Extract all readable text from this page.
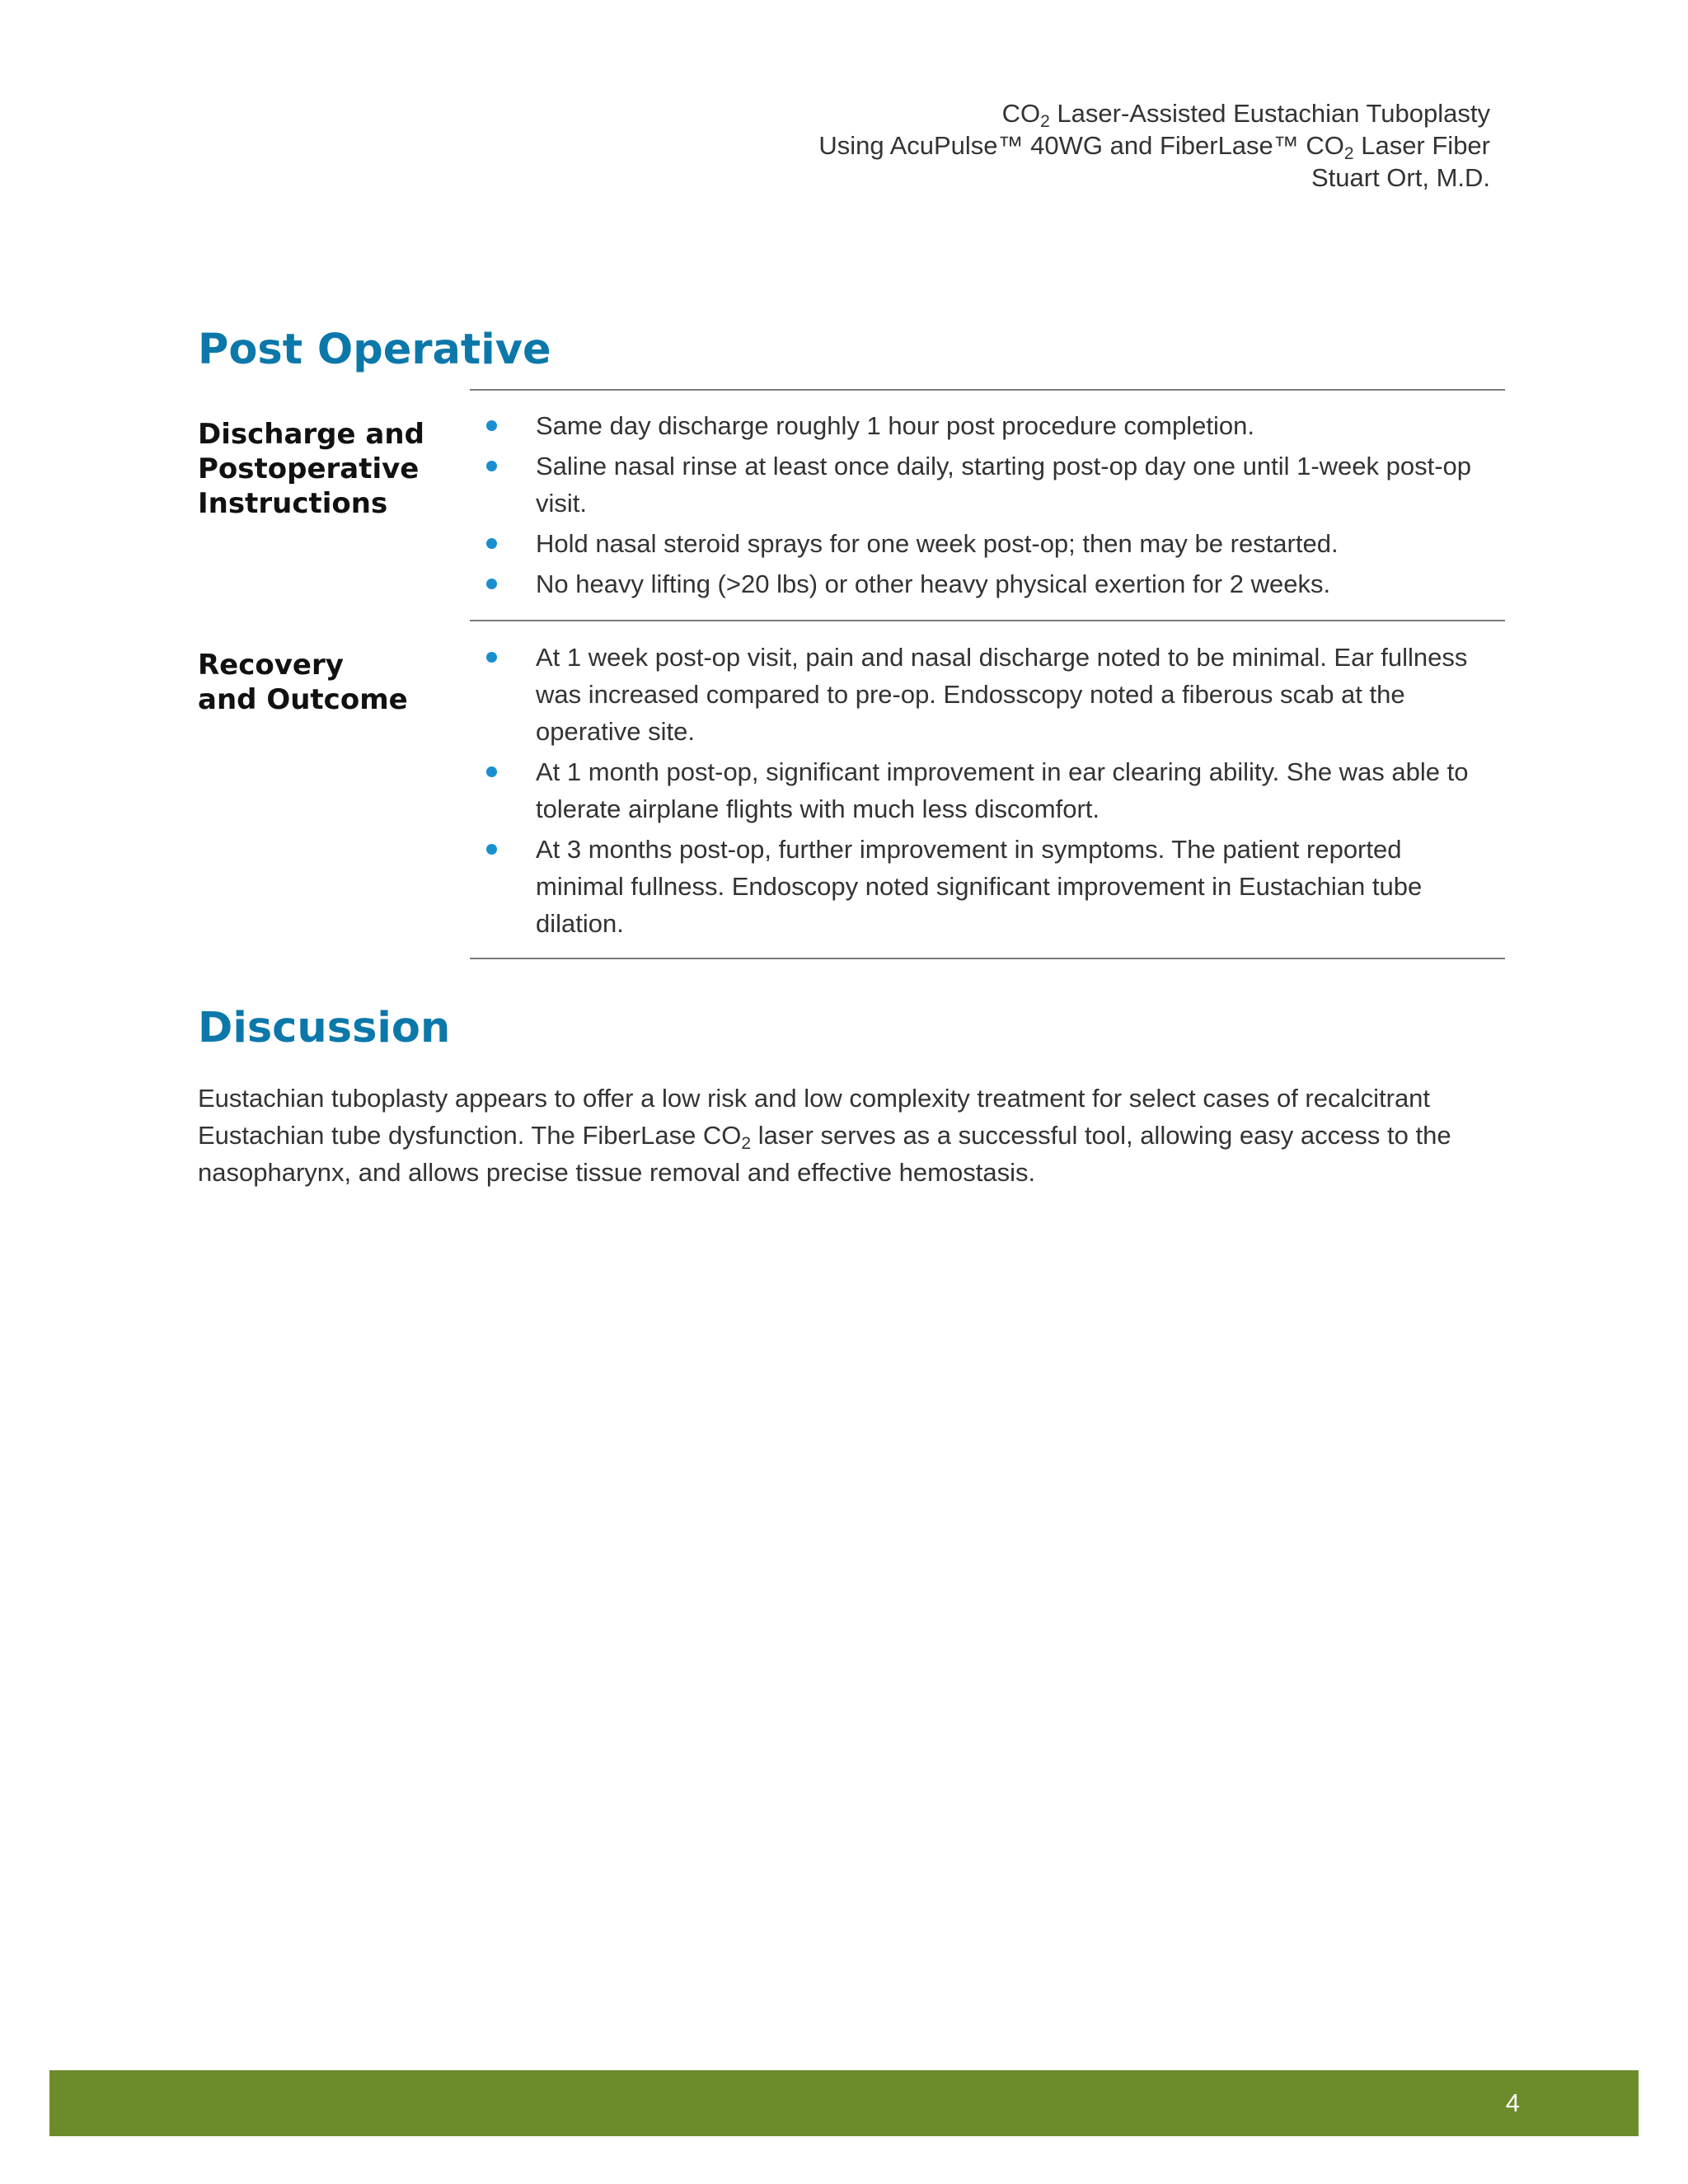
$CO_2$ Laser-Assisted Eustachian Tuboplasty
Using AcuPulse™ 40WG and FiberLase™ $CO_2$ Laser Fiber
Stuart Ort, M.D.
Post Operative
Discharge and
Postoperative
Instructions
Same day discharge roughly 1 hour post procedure completion.
Saline nasal rinse at least once daily, starting post-op day one until 1-week post-op visit.
Hold nasal steroid sprays for one week post-op; then may be restarted.
No heavy lifting (>20 lbs) or other heavy physical exertion for 2 weeks.
Recovery
and Outcome
At 1 week post-op visit, pain and nasal discharge noted to be minimal. Ear fullness was increased compared to pre-op. Endosscopy noted a fiberous scab at the operative site.
At 1 month post-op, significant improvement in ear clearing ability. She was able to tolerate airplane flights with much less discomfort.
At 3 months post-op, further improvement in symptoms. The patient reported minimal fullness. Endoscopy noted significant improvement in Eustachian tube dilation.
Discussion

Eustachian tuboplasty appears to offer a low risk and low complexity treatment for select cases of recalcitrant Eustachian tube dysfunction. The FiberLase $CO_2$ laser serves as a successful tool, allowing easy access to the nasopharynx, and allows precise tissue removal and effective hemostasis.

4
